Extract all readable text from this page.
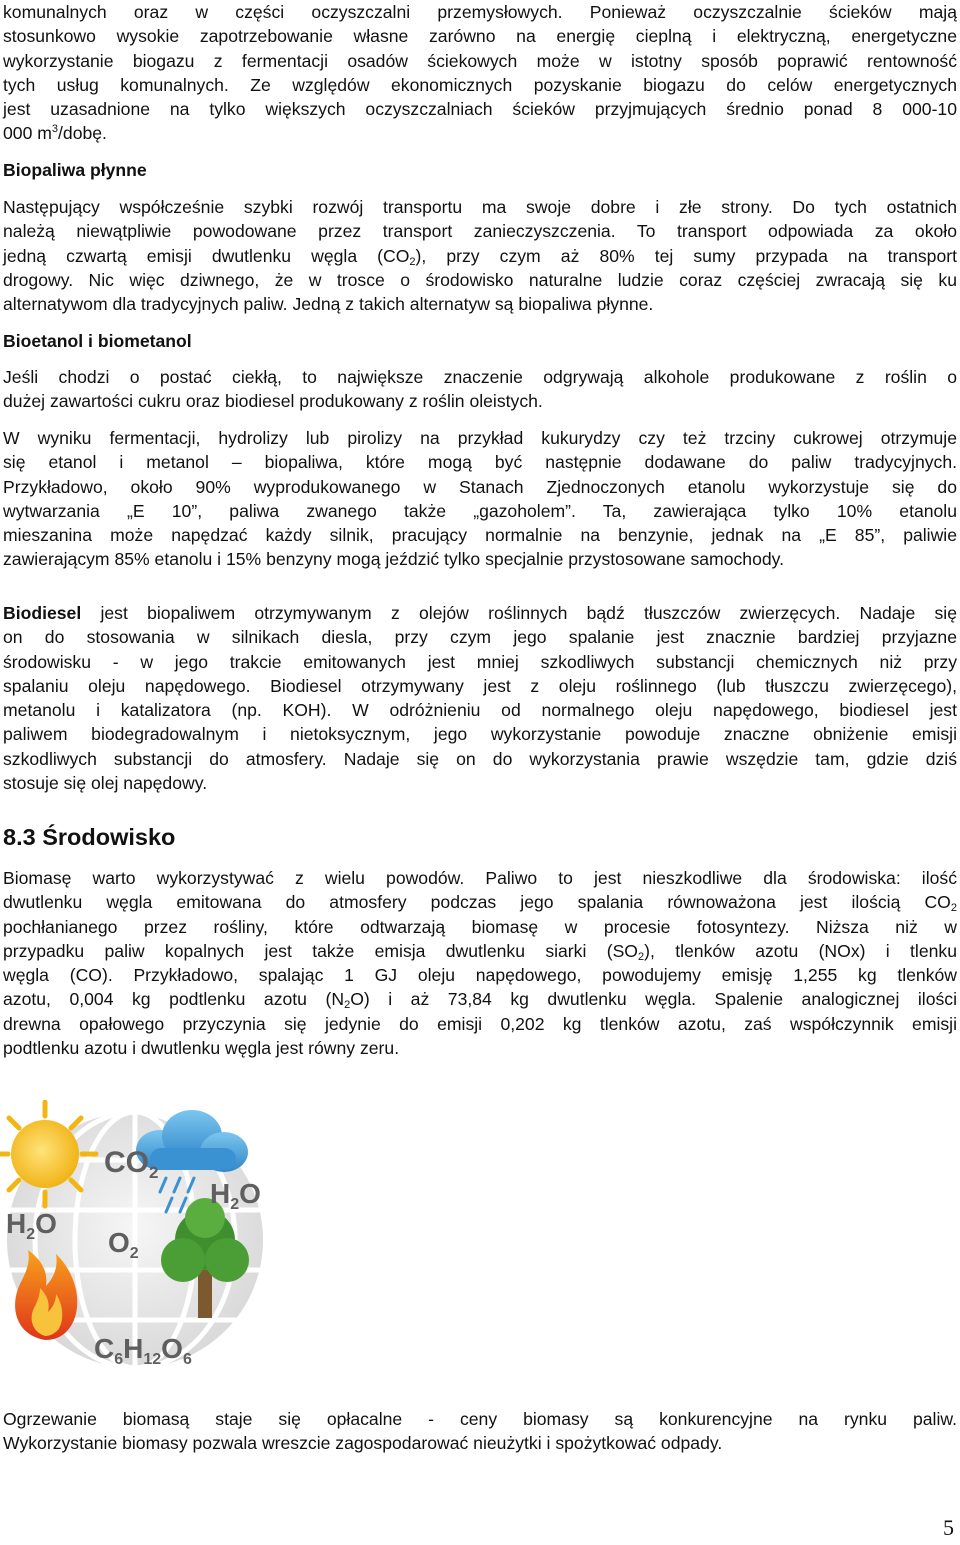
komunalnych oraz w części oczyszczalni przemysłowych. Ponieważ oczyszczalnie ścieków mają
stosunkowo wysokie zapotrzebowanie własne zarówno na energię cieplną i elektryczną, energetyczne
wykorzystanie biogazu z fermentacji osadów ściekowych może w istotny sposób poprawić rentowność
tych usług komunalnych. Ze względów ekonomicznych pozyskanie biogazu do celów energetycznych
jest uzasadnione na tylko większych oczyszczalniach ścieków przyjmujących średnio ponad 8 000-10
000 $m^3$/dobę.

Biopaliwa płynne

Następujący współcześnie szybki rozwój transportu ma swoje dobre i złe strony. Do tych ostatnich
należą niewątpliwie powodowane przez transport zanieczyszczenia. To transport odpowiada za około
jedną czwartą emisji dwutlenku węgla $(CO_2)$, przy czym aż 80% tej sumy przypada na transport
drogowy. Nic więc dziwnego, że w trosce o środowisko naturalne ludzie coraz częściej zwracają się ku
alternatywom dla tradycyjnych paliw. Jedną z takich alternatyw są biopaliwa płynne.

Bioetanol i biometanol

Jeśli chodzi o postać ciekłą, to największe znaczenie odgrywają alkohole produkowane z roślin o
dużej zawartości cukru oraz biodiesel produkowany z roślin oleistych.

W wyniku fermentacji, hydrolizy lub pirolizy na przykład kukurydzy czy też trzciny cukrowej otrzymuje
się etanol i metanol – biopaliwa, które mogą być następnie dodawane do paliw tradycyjnych.
Przykładowo, około 90% wyprodukowanego w Stanach Zjednoczonych etanolu wykorzystuje się do
wytwarzania „E 10”, paliwa zwanego także „gazoholem”. Ta, zawierająca tylko 10% etanolu
mieszanina może napędzać każdy silnik, pracujący normalnie na benzynie, jednak na „E 85”, paliwie
zawierającym 85% etanolu i 15% benzyny mogą jeździć tylko specjalnie przystosowane samochody.

Biodiesel jest biopaliwem otrzymywanym z olejów roślinnych bądź tłuszczów zwierzęcych. Nadaje się
on do stosowania w silnikach diesla, przy czym jego spalanie jest znacznie bardziej przyjazne
środowisku - w jego trakcie emitowanych jest mniej szkodliwych substancji chemicznych niż przy
spalaniu oleju napędowego. Biodiesel otrzymywany jest z oleju roślinnego (lub tłuszczu zwierzęcego),
metanolu i katalizatora (np. KOH). W odróżnieniu od normalnego oleju napędowego, biodiesel jest
paliwem biodegradowalnym i nietoksycznym, jego wykorzystanie powoduje znaczne obniżenie emisji
szkodliwych substancji do atmosfery. Nadaje się on do wykorzystania prawie wszędzie tam, gdzie dziś
stosuje się olej napędowy.

8.3 Środowisko

Biomasę warto wykorzystywać z wielu powodów. Paliwo to jest nieszkodliwe dla środowiska: ilość
dwutlenku węgla emitowana do atmosfery podczas jego spalania równoważona jest ilością $CO_2$
pochłanianego przez rośliny, które odtwarzają biomasę w procesie fotosyntezy. Niższa niż w
przypadku paliw kopalnych jest także emisja dwutlenku siarki $(SO_2)$, tlenków azotu (NOx) i tlenku
węgla (CO). Przykładowo, spalając 1 GJ oleju napędowego, powodujemy emisję 1,255 kg tlenków
azotu, 0,004 kg podtlenku azotu $(N_2O)$ i aż 73,84 kg dwutlenku węgla. Spalenie analogicznej ilości
drewna opałowego przyczynia się jedynie do emisji 0,202 kg tlenków azotu, zaś współczynnik emisji
podtlenku azotu i dwutlenku węgla jest równy zeru.

$CO_2$
$H_2O$
$H_2O$
$O_2$
$C_6H_{12}O_6$

Ogrzewanie biomasą staje się opłacalne - ceny biomasy są konkurencyjne na rynku paliw.
Wykorzystanie biomasy pozwala wreszcie zagospodarować nieużytki i spożytkować odpady.

5
